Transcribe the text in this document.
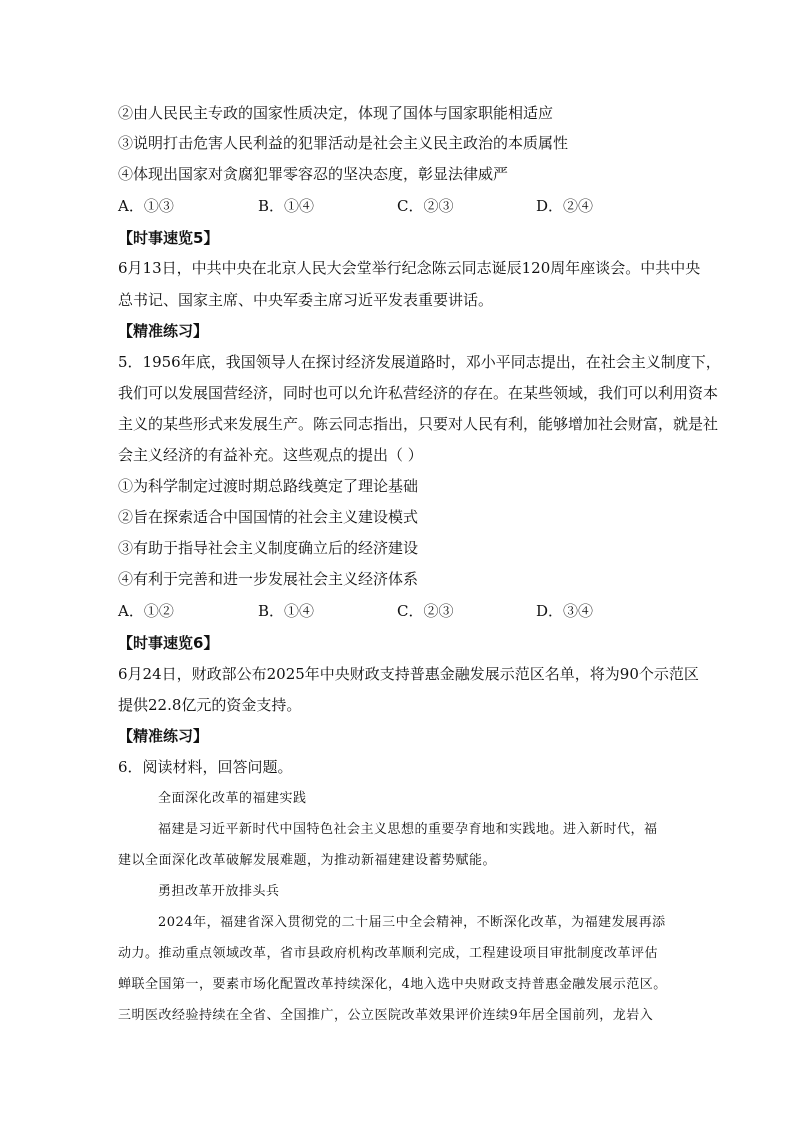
②由人民民主专政的国家性质决定，体现了国体与国家职能相适应
③说明打击危害人民利益的犯罪活动是社会主义民主政治的本质属性
④体现出国家对贪腐犯罪零容忍的坚决态度，彰显法律威严
A．①③	B．①④	C．②③	D．②④
【时事速览5】
6月13日，中共中央在北京人民大会堂举行纪念陈云同志诞辰120周年座谈会。中共中央
总书记、国家主席、中央军委主席习近平发表重要讲话。
【精准练习】
5．1956年底，我国领导人在探讨经济发展道路时，邓小平同志提出，在社会主义制度下，
我们可以发展国营经济，同时也可以允许私营经济的存在。在某些领域，我们可以利用资本
主义的某些形式来发展生产。陈云同志指出，只要对人民有利，能够增加社会财富，就是社
会主义经济的有益补充。这些观点的提出（ ）
①为科学制定过渡时期总路线奠定了理论基础
②旨在探索适合中国国情的社会主义建设模式
③有助于指导社会主义制度确立后的经济建设
④有利于完善和进一步发展社会主义经济体系
A．①②	B．①④	C．②③	D．③④
【时事速览6】
6月24日，财政部公布2025年中央财政支持普惠金融发展示范区名单，将为90个示范区
提供22.8亿元的资金支持。
【精准练习】
6．阅读材料，回答问题。
全面深化改革的福建实践
福建是习近平新时代中国特色社会主义思想的重要孕育地和实践地。进入新时代，福
建以全面深化改革破解发展难题，为推动新福建建设蓄势赋能。
勇担改革开放排头兵
2024年，福建省深入贯彻党的二十届三中全会精神，不断深化改革，为福建发展再添
动力。推动重点领域改革，省市县政府机构改革顺利完成，工程建设项目审批制度改革评估
蝉联全国第一，要素市场化配置改革持续深化，4地入选中央财政支持普惠金融发展示范区。
三明医改经验持续在全省、全国推广，公立医院改革效果评价连续9年居全国前列，龙岩入
